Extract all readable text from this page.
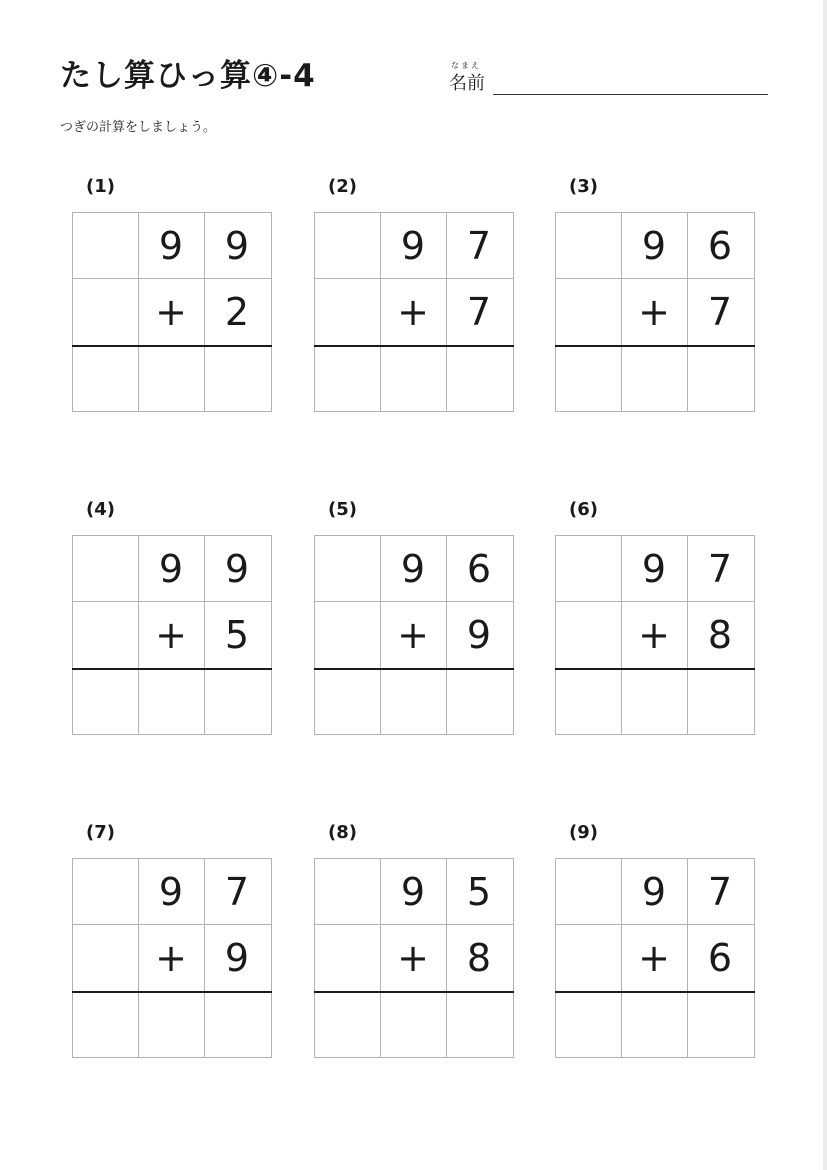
たし算ひっ算④-4	なまえ
名前
つぎの計算をしましょう。
(1)
9	9
+ 2
(2)
9	7
+ 7
(3)
9	6
+ 7
(4)
9	9
+ 5
(5)
9	6
+ 9
(6)
9	7
+ 8
(7)
9	7
+ 9
(8)
9	5
+ 8
(9)
9	7
+ 6
